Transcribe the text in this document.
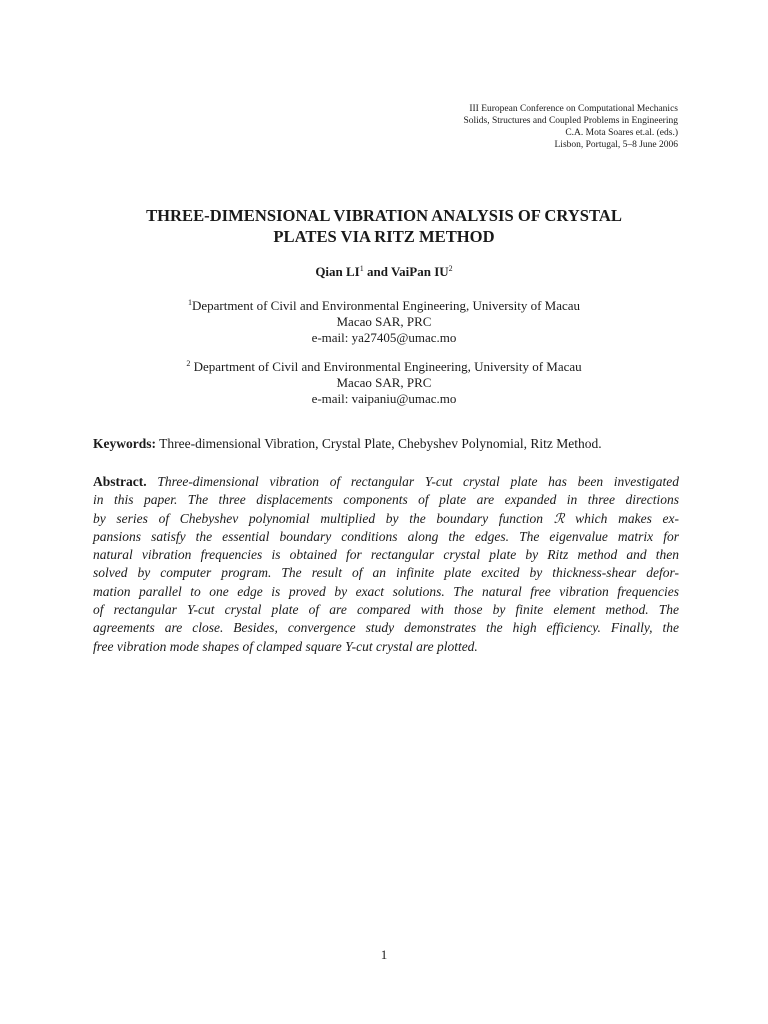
III European Conference on Computational Mechanics
Solids, Structures and Coupled Problems in Engineering
C.A. Mota Soares et.al. (eds.)
Lisbon, Portugal, 5–8 June 2006
THREE-DIMENSIONAL VIBRATION ANALYSIS OF CRYSTAL
PLATES VIA RITZ METHOD
Qian $LI^1$ and VaiPan $IU^2$
$^1$Department of Civil and Environmental Engineering, University of Macau
Macao SAR, PRC
e-mail: ya27405@umac.mo
$^2$ Department of Civil and Environmental Engineering, University of Macau
Macao SAR, PRC
e-mail: vaipaniu@umac.mo
Keywords: Three-dimensional Vibration, Crystal Plate, Chebyshev Polynomial, Ritz Method.
Abstract. Three-dimensional vibration of rectangular Y-cut crystal plate has been investigated
in this paper. The three displacements components of plate are expanded in three directions
by series of Chebyshev polynomial multiplied by the boundary function ℛ which makes ex-
pansions satisfy the essential boundary conditions along the edges. The eigenvalue matrix for
natural vibration frequencies is obtained for rectangular crystal plate by Ritz method and then
solved by computer program. The result of an infinite plate excited by thickness-shear defor-
mation parallel to one edge is proved by exact solutions. The natural free vibration frequencies
of rectangular Y-cut crystal plate of are compared with those by finite element method. The
agreements are close. Besides, convergence study demonstrates the high efficiency. Finally, the
free vibration mode shapes of clamped square Y-cut crystal are plotted.
1
